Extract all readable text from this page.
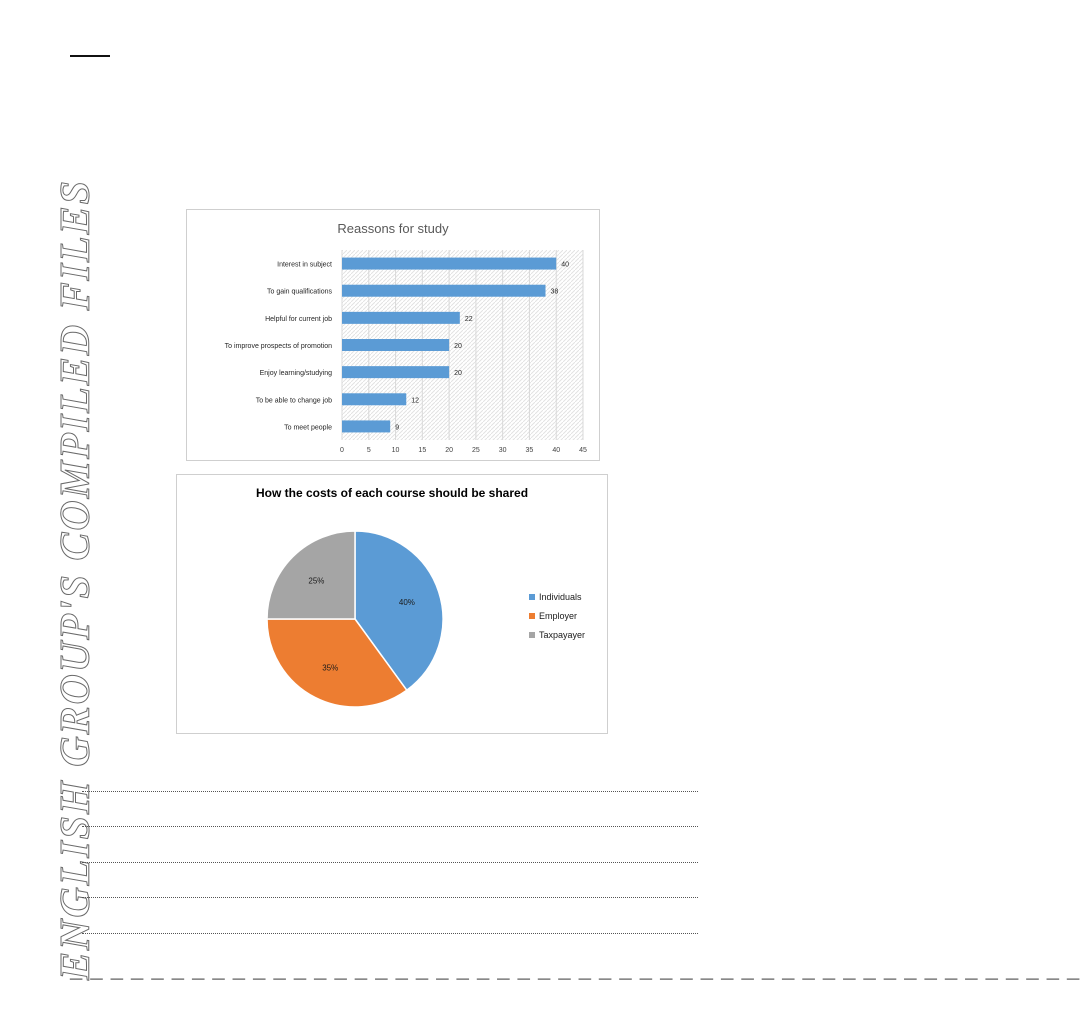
ENGLISH GROUP'S COMPILED FILES	Reassons for study
0	5	10	15	20	25	30	35	40	45
Interest in subject	40
To gain qualifications	38
Helpful for current job	22
To improve prospects of promotion	20
Enjoy learning/studying	20
To be able to change job	12
To meet people	9
How the costs of each course should be shared
40%
35%
25%
Individuals
Employer
Taxpayayer
_ _ _ _ _ _ _ _ _ _ _ _ _ _ _ _ _ _ _ _ _ _ _ _ _ _ _ _ _ _ _ _ _ _ _ _ _ _ _ _ _ _ _ _ _ _ _ _ _ _
